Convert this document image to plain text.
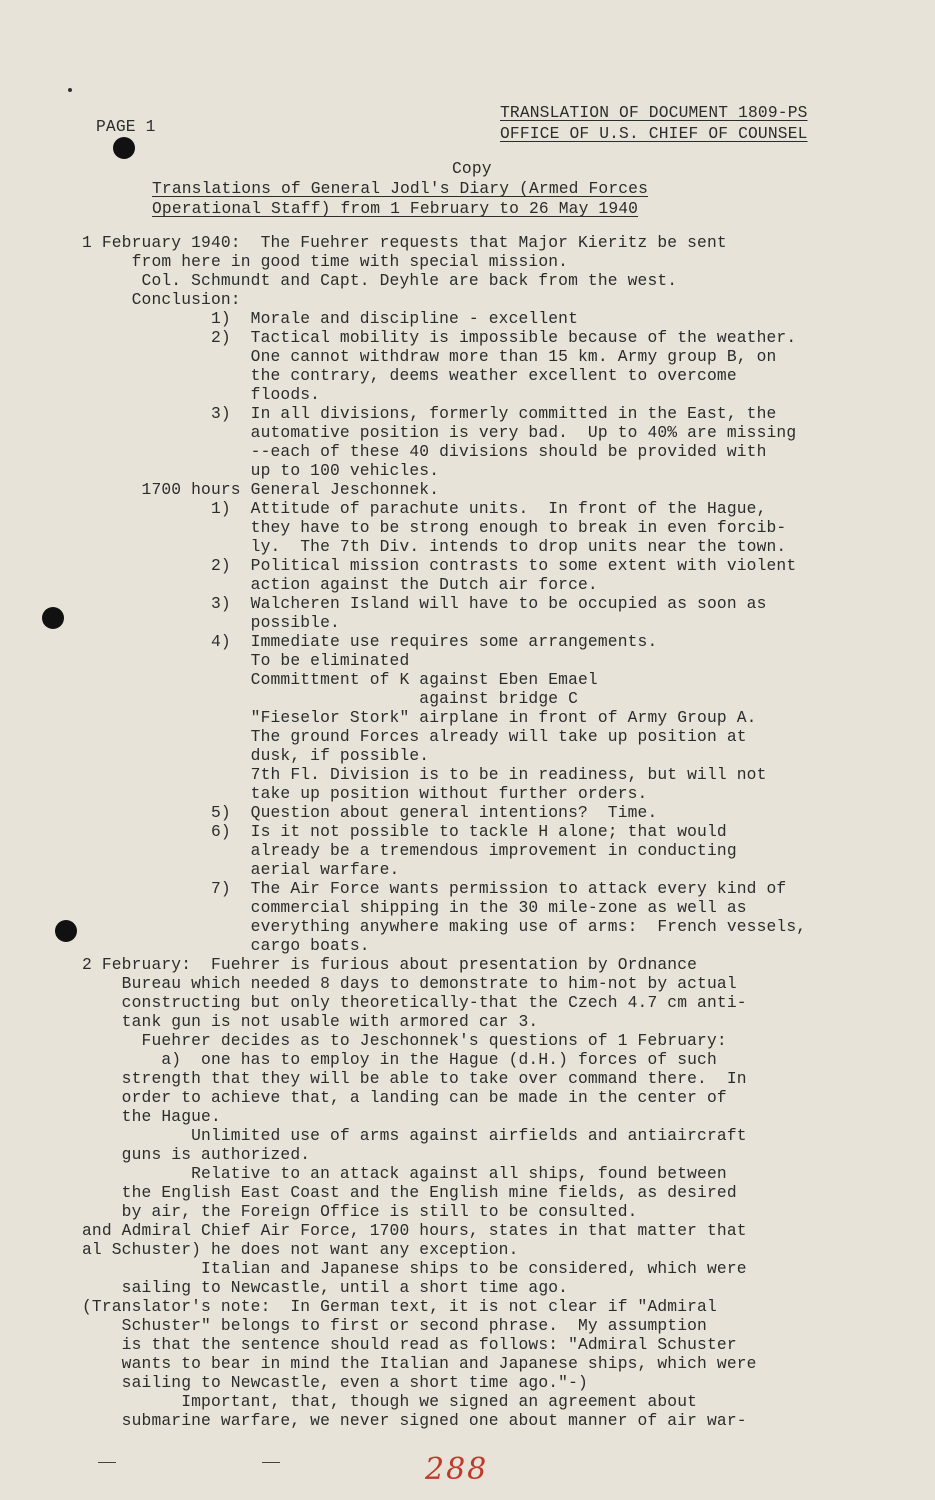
PAGE 1
TRANSLATION OF DOCUMENT 1809-PS
OFFICE OF U.S. CHIEF OF COUNSEL
Copy
Translations of General Jodl's Diary (Armed Forces
Operational Staff) from 1 February to 26 May 1940
1 February 1940:  The Fuehrer requests that Major Kieritz be sent
from here in good time with special mission.
Col. Schmundt and Capt. Deyhle are back from the west.
Conclusion:
1)  Morale and discipline - excellent
2)  Tactical mobility is impossible because of the weather.
One cannot withdraw more than 15 km. Army group B, on
the contrary, deems weather excellent to overcome
floods.
3)  In all divisions, formerly committed in the East, the
automative position is very bad.  Up to 40% are missing
--each of these 40 divisions should be provided with
up to 100 vehicles.
1700 hours General Jeschonnek.
1)  Attitude of parachute units.  In front of the Hague,
they have to be strong enough to break in even forcib-
ly.  The 7th Div. intends to drop units near the town.
2)  Political mission contrasts to some extent with violent
action against the Dutch air force.
3)  Walcheren Island will have to be occupied as soon as
possible.
4)  Immediate use requires some arrangements.
To be eliminated
Committment of K against Eben Emael
against bridge C
"Fieselor Stork" airplane in front of Army Group A.
The ground Forces already will take up position at
dusk, if possible.
7th Fl. Division is to be in readiness, but will not
take up position without further orders.
5)  Question about general intentions?  Time.
6)  Is it not possible to tackle H alone; that would
already be a tremendous improvement in conducting
aerial warfare.
7)  The Air Force wants permission to attack every kind of
commercial shipping in the 30 mile-zone as well as
everything anywhere making use of arms:  French vessels,
cargo boats.
2 February:  Fuehrer is furious about presentation by Ordnance
Bureau which needed 8 days to demonstrate to him-not by actual
constructing but only theoretically-that the Czech 4.7 cm anti-
tank gun is not usable with armored car 3.
Fuehrer decides as to Jeschonnek's questions of 1 February:
a)  one has to employ in the Hague (d.H.) forces of such
strength that they will be able to take over command there.  In
order to achieve that, a landing can be made in the center of
the Hague.
Unlimited use of arms against airfields and antiaircraft
guns is authorized.
Relative to an attack against all ships, found between
the English East Coast and the English mine fields, as desired
by air, the Foreign Office is still to be consulted.
and Admiral Chief Air Force, 1700 hours, states in that matter that
al Schuster) he does not want any exception.
Italian and Japanese ships to be considered, which were
sailing to Newcastle, until a short time ago.
(Translator's note:  In German text, it is not clear if "Admiral
Schuster" belongs to first or second phrase.  My assumption
is that the sentence should read as follows: "Admiral Schuster
wants to bear in mind the Italian and Japanese ships, which were
sailing to Newcastle, even a short time ago."-)
Important, that, though we signed an agreement about
submarine warfare, we never signed one about manner of air war-
288
